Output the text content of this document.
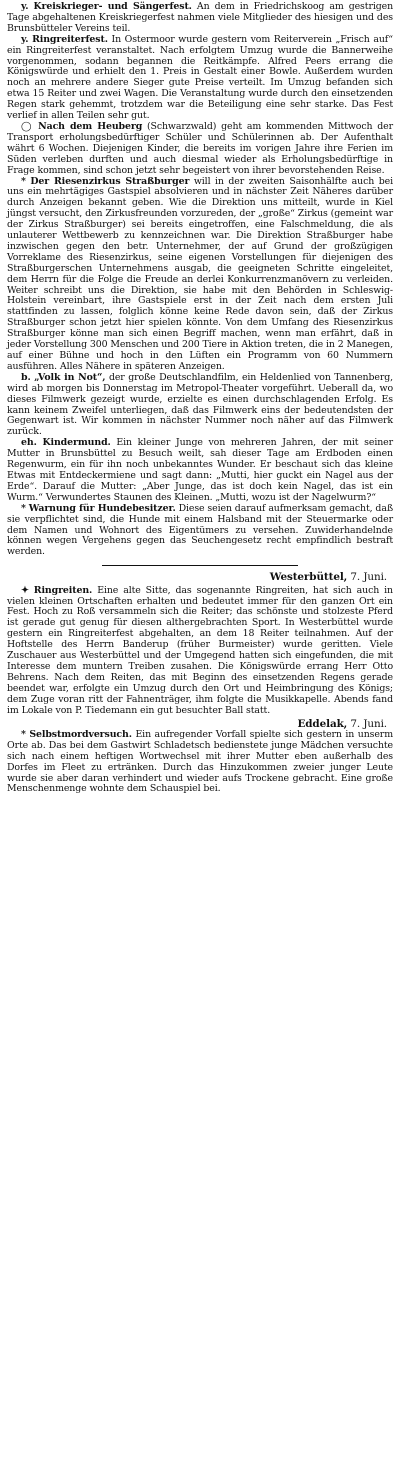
y. Kreiskrieger- und Sängerfest. An dem in Friedrichskoog am gestrigen Tage abgehaltenen Kreiskriegerfest nahmen viele Mitglieder des hiesigen und des Brunsbütteler Vereins teil.

y. Ringreiterfest. In Ostermoor wurde gestern vom Reiterverein „Frisch auf“ ein Ringreiterfest veranstaltet. Nach erfolgtem Umzug wurde die Bannerweihe vorgenommen, sodann begannen die Reitkämpfe. Alfred Peers errang die Königswürde und erhielt den 1. Preis in Gestalt einer Bowle. Außerdem wurden noch an mehrere andere Sieger gute Preise verteilt. Im Umzug befanden sich etwa 15 Reiter und zwei Wagen. Die Veranstaltung wurde durch den einsetzenden Regen stark gehemmt, trotzdem war die Beteiligung eine sehr starke. Das Fest verlief in allen Teilen sehr gut.

◯ Nach dem Heuberg (Schwarzwald) geht am kommenden Mittwoch der Transport erholungsbedürftiger Schüler und Schülerinnen ab. Der Aufenthalt währt 6 Wochen. Diejenigen Kinder, die bereits im vorigen Jahre ihre Ferien im Süden verleben durften und auch diesmal wieder als Erholungsbedürftige in Frage kommen, sind schon jetzt sehr begeistert von ihrer bevorstehenden Reise.

* Der Riesenzirkus Straßburger will in der zweiten Saisonhälfte auch bei uns ein mehrtägiges Gastspiel absolvieren und in nächster Zeit Näheres darüber durch Anzeigen bekannt geben. Wie die Direktion uns mitteilt, wurde in Kiel jüngst versucht, den Zirkusfreunden vorzureden, der „große“ Zirkus (gemeint war der Zirkus Straßburger) sei bereits eingetroffen, eine Falschmeldung, die als unlauterer Wettbewerb zu kennzeichnen war. Die Direktion Straßburger habe inzwischen gegen den betr. Unternehmer, der auf Grund der großzügigen Vorreklame des Riesenzirkus, seine eigenen Vorstellungen für diejenigen des Straßburgerschen Unternehmens ausgab, die geeigneten Schritte eingeleitet, dem Herrn für die Folge die Freude an derlei Konkurrenzmanövern zu verleiden. Weiter schreibt uns die Direktion, sie habe mit den Behörden in Schleswig-Holstein vereinbart, ihre Gastspiele erst in der Zeit nach dem ersten Juli stattfinden zu lassen, folglich könne keine Rede davon sein, daß der Zirkus Straßburger schon jetzt hier spielen könnte. Von dem Umfang des Riesenzirkus Straßburger könne man sich einen Begriff machen, wenn man erfährt, daß in jeder Vorstellung 300 Menschen und 200 Tiere in Aktion treten, die in 2 Manegen, auf einer Bühne und hoch in den Lüften ein Programm von 60 Nummern ausführen. Alles Nähere in späteren Anzeigen.

b. „Volk in Not“, der große Deutschlandfilm, ein Heldenlied von Tannenberg, wird ab morgen bis Donnerstag im Metropol-Theater vorgeführt. Ueberall da, wo dieses Filmwerk gezeigt wurde, erzielte es einen durchschlagenden Erfolg. Es kann keinem Zweifel unterliegen, daß das Filmwerk eins der bedeutendsten der Gegenwart ist. Wir kommen in nächster Nummer noch näher auf das Filmwerk zurück.

eh. Kindermund. Ein kleiner Junge von mehreren Jahren, der mit seiner Mutter in Brunsbüttel zu Besuch weilt, sah dieser Tage am Erdboden einen Regenwurm, ein für ihn noch unbekanntes Wunder. Er beschaut sich das kleine Etwas mit Entdeckermiene und sagt dann: „Mutti, hier guckt ein Nagel aus der Erde“. Darauf die Mutter: „Aber Junge, das ist doch kein Nagel, das ist ein Wurm.“ Verwundertes Staunen des Kleinen. „Mutti, wozu ist der Nagelwurm?“

* Warnung für Hundebesitzer. Diese seien darauf aufmerksam gemacht, daß sie verpflichtet sind, die Hunde mit einem Halsband mit der Steuermarke oder dem Namen und Wohnort des Eigentümers zu versehen. Zuwiderhandelnde können wegen Vergehens gegen das Seuchengesetz recht empfindlich bestraft werden.

Westerbüttel, 7. Juni.

✦ Ringreiten. Eine alte Sitte, das sogenannte Ringreiten, hat sich auch in vielen kleinen Ortschaften erhalten und bedeutet immer für den ganzen Ort ein Fest. Hoch zu Roß versammeln sich die Reiter; das schönste und stolzeste Pferd ist gerade gut genug für diesen althergebrachten Sport. In Westerbüttel wurde gestern ein Ringreiterfest abgehalten, an dem 18 Reiter teilnahmen. Auf der Hoftstelle des Herrn Banderup (früher Burmeister) wurde geritten. Viele Zuschauer aus Westerbüttel und der Umgegend hatten sich eingefunden, die mit Interesse dem muntern Treiben zusahen. Die Königswürde errang Herr Otto Behrens. Nach dem Reiten, das mit Beginn des einsetzenden Regens gerade beendet war, erfolgte ein Umzug durch den Ort und Heimbringung des Königs; dem Zuge voran ritt der Fahnenträger, ihm folgte die Musikkapelle. Abends fand im Lokale von P. Tiedemann ein gut besuchter Ball statt.

Eddelak, 7. Juni.

* Selbstmordversuch. Ein aufregender Vorfall spielte sich gestern in unserm Orte ab. Das bei dem Gastwirt Schladetsch bedienstete junge Mädchen versuchte sich nach einem heftigen Wortwechsel mit ihrer Mutter eben außerhalb des Dorfes im Fleet zu ertränken. Durch das Hinzukommen zweier junger Leute wurde sie aber daran verhindert und wieder aufs Trockene gebracht. Eine große Menschenmenge wohnte dem Schauspiel bei.
